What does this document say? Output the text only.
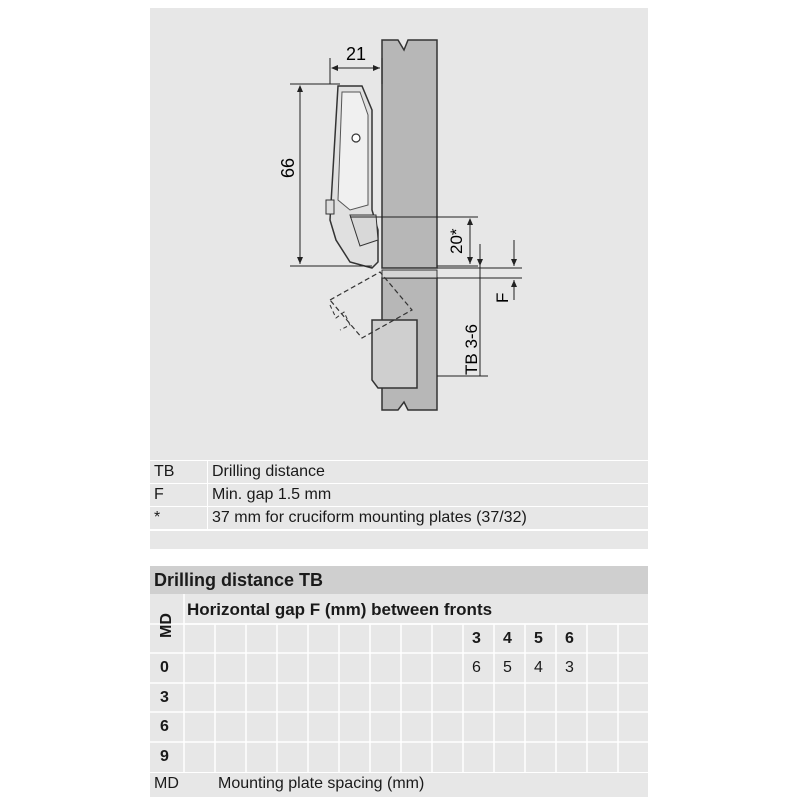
21
66
20*
F
TB 3-6
TB Drilling distance
F	Min. gap 1.5 mm
*	37 mm for cruciform mounting plates (37/32)
Drilling distance TB
Horizontal gap F (mm) between fronts
MD
3 4 5 6
0	6 5 4 3
3
6
9
MD Mounting plate spacing (mm)
